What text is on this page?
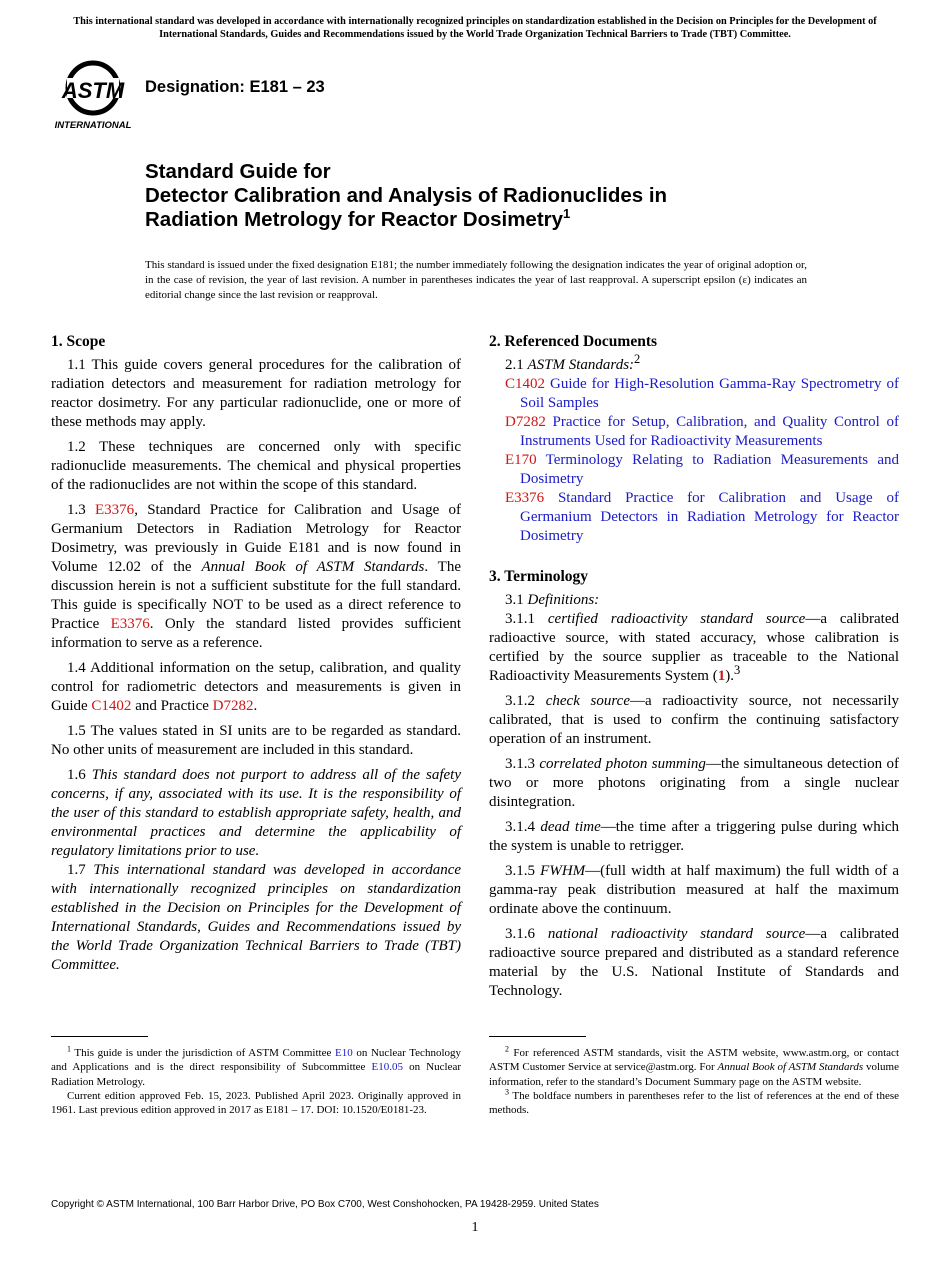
This international standard was developed in accordance with internationally recognized principles on standardization established in the Decision on Principles for the Development of International Standards, Guides and Recommendations issued by the World Trade Organization Technical Barriers to Trade (TBT) Committee.
ASTM
INTERNATIONAL
Designation: E181 – 23
Standard Guide for
Detector Calibration and Analysis of Radionuclides in
Radiation Metrology for Reactor Dosimetry$^1$
This standard is issued under the fixed designation E181; the number immediately following the designation indicates the year of original adoption or, in the case of revision, the year of last revision. A number in parentheses indicates the year of last reapproval. A superscript epsilon (ε) indicates an editorial change since the last revision or reapproval.
1. Scope
1.1 This guide covers general procedures for the calibration of radiation detectors and measurement for radiation metrology for reactor dosimetry. For any particular radionuclide, one or more of these methods may apply.
1.2 These techniques are concerned only with specific radionuclide measurements. The chemical and physical properties of the radionuclides are not within the scope of this standard.
1.3 E3376, Standard Practice for Calibration and Usage of Germanium Detectors in Radiation Metrology for Reactor Dosimetry, was previously in Guide E181 and is now found in Volume 12.02 of the Annual Book of ASTM Standards. The discussion herein is not a sufficient substitute for the full standard. This guide is specifically NOT to be used as a direct reference to Practice E3376. Only the standard listed provides sufficient information to serve as a reference.
1.4 Additional information on the setup, calibration, and quality control for radiometric detectors and measurements is given in Guide C1402 and Practice D7282.
1.5 The values stated in SI units are to be regarded as standard. No other units of measurement are included in this standard.
1.6 This standard does not purport to address all of the safety concerns, if any, associated with its use. It is the responsibility of the user of this standard to establish appropriate safety, health, and environmental practices and determine the applicability of regulatory limitations prior to use.
1.7 This international standard was developed in accordance with internationally recognized principles on standardization established in the Decision on Principles for the Development of International Standards, Guides and Recommendations issued by the World Trade Organization Technical Barriers to Trade (TBT) Committee.
2. Referenced Documents
2.1 ASTM Standards:$^2$
C1402 Guide for High-Resolution Gamma-Ray Spectrometry of Soil Samples
D7282 Practice for Setup, Calibration, and Quality Control of Instruments Used for Radioactivity Measurements
E170 Terminology Relating to Radiation Measurements and Dosimetry
E3376 Standard Practice for Calibration and Usage of Germanium Detectors in Radiation Metrology for Reactor Dosimetry
3. Terminology
3.1 Definitions:
3.1.1 certified radioactivity standard source—a calibrated radioactive source, with stated accuracy, whose calibration is certified by the source supplier as traceable to the National Radioactivity Measurements System (1).$^3$
3.1.2 check source—a radioactivity source, not necessarily calibrated, that is used to confirm the continuing satisfactory operation of an instrument.
3.1.3 correlated photon summing—the simultaneous detection of two or more photons originating from a single nuclear disintegration.
3.1.4 dead time—the time after a triggering pulse during which the system is unable to retrigger.
3.1.5 FWHM—(full width at half maximum) the full width of a gamma-ray peak distribution measured at half the maximum ordinate above the continuum.
3.1.6 national radioactivity standard source—a calibrated radioactive source prepared and distributed as a standard reference material by the U.S. National Institute of Standards and Technology.
$^1$ This guide is under the jurisdiction of ASTM Committee E10 on Nuclear Technology and Applications and is the direct responsibility of Subcommittee E10.05 on Nuclear Radiation Metrology.
Current edition approved Feb. 15, 2023. Published April 2023. Originally approved in 1961. Last previous edition approved in 2017 as E181 – 17. DOI: 10.1520/E0181-23.
$^2$ For referenced ASTM standards, visit the ASTM website, www.astm.org, or contact ASTM Customer Service at service@astm.org. For Annual Book of ASTM Standards volume information, refer to the standard’s Document Summary page on the ASTM website.
$^3$ The boldface numbers in parentheses refer to the list of references at the end of these methods.
Copyright © ASTM International, 100 Barr Harbor Drive, PO Box C700, West Conshohocken, PA 19428-2959. United States
1
